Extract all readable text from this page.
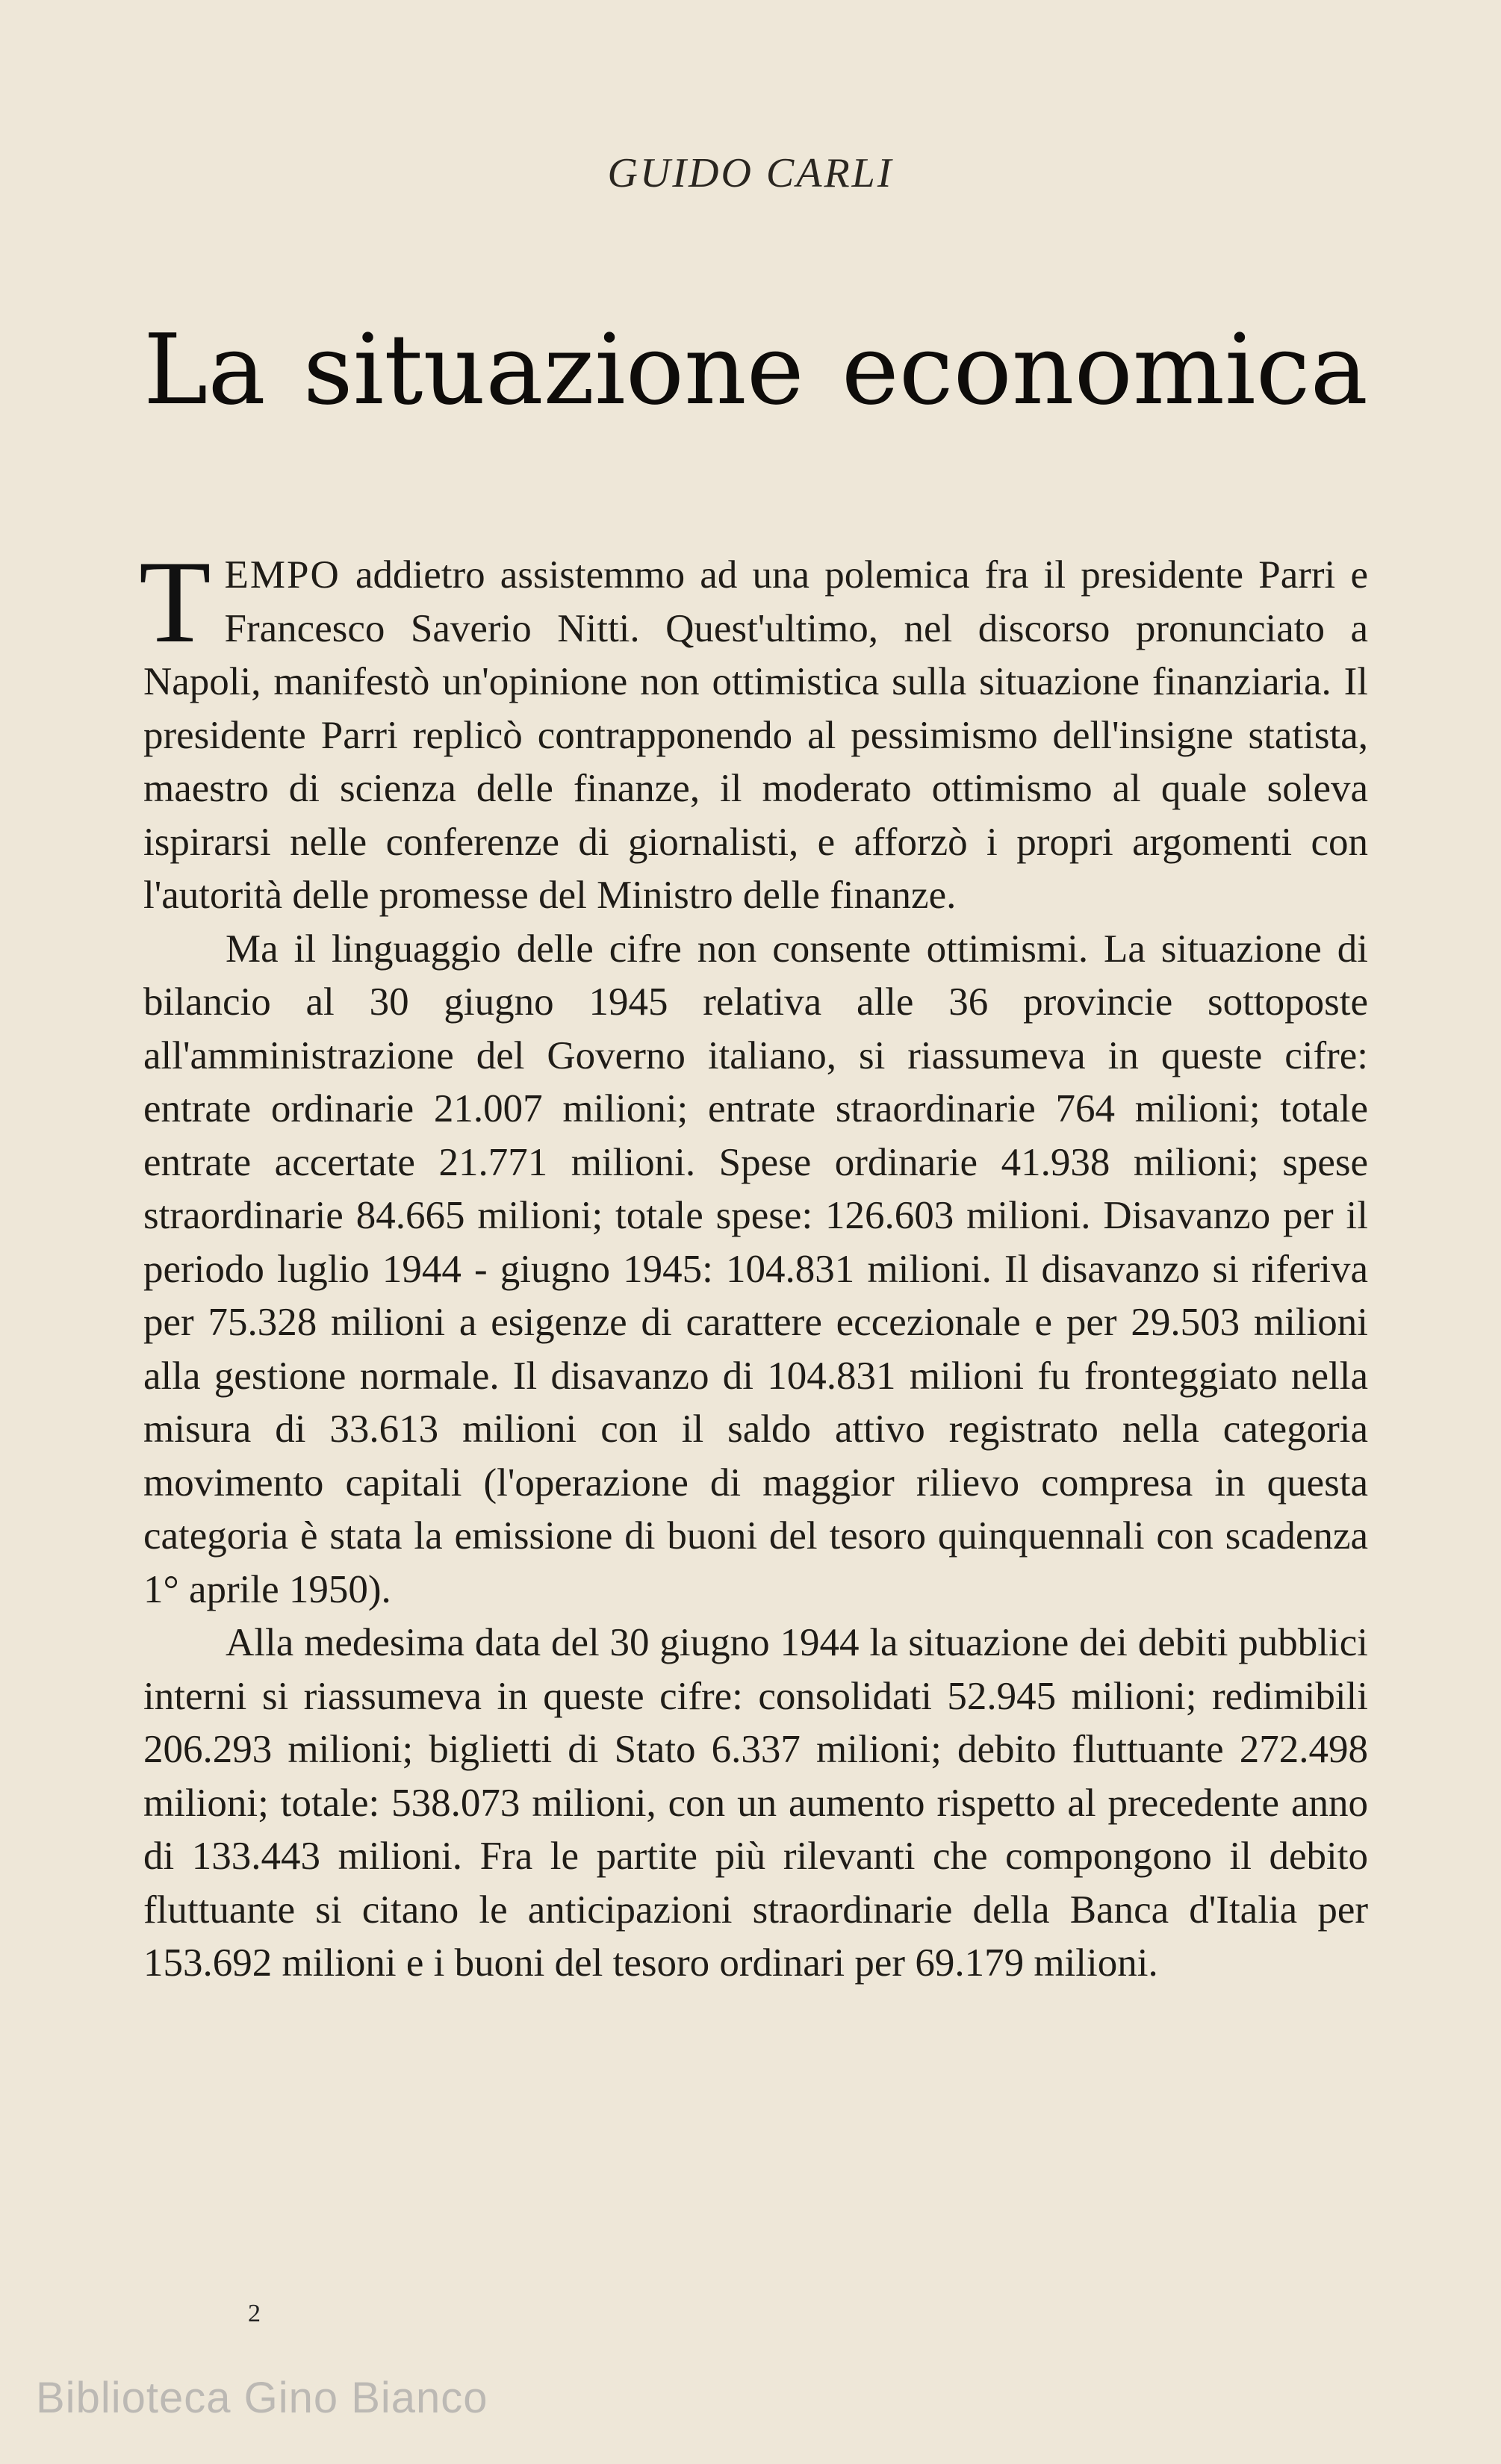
GUIDO CARLI
La situazione economica

TEMPO addietro assistemmo ad una polemica fra il presidente Parri e Francesco Saverio Nitti. Quest'ultimo, nel discorso pronunciato a Napoli, manifestò un'opinione non ottimistica sulla situazione finanziaria. Il presidente Parri replicò contrapponendo al pessimismo dell'insigne statista, maestro di scienza delle finanze, il moderato ottimismo al quale soleva ispirarsi nelle conferenze di giornalisti, e afforzò i propri argomenti con l'autorità delle promesse del Ministro delle finanze.

Ma il linguaggio delle cifre non consente ottimismi. La situazione di bilancio al 30 giugno 1945 relativa alle 36 provincie sottoposte all'amministrazione del Governo italiano, si riassumeva in queste cifre: entrate ordinarie 21.007 milioni; entrate straordinarie 764 milioni; totale entrate accertate 21.771 milioni. Spese ordinarie 41.938 milioni; spese straordinarie 84.665 milioni; totale spese: 126.603 milioni. Disavanzo per il periodo luglio 1944 - giugno 1945: 104.831 milioni. Il disavanzo si riferiva per 75.328 milioni a esigenze di carattere eccezionale e per 29.503 milioni alla gestione normale. Il disavanzo di 104.831 milioni fu fronteggiato nella misura di 33.613 milioni con il saldo attivo registrato nella categoria movimento capitali (l'operazione di maggior rilievo compresa in questa categoria è stata la emissione di buoni del tesoro quinquennali con scadenza 1° aprile 1950).

Alla medesima data del 30 giugno 1944 la situazione dei debiti pubblici interni si riassumeva in queste cifre: consolidati 52.945 milioni; redimibili 206.293 milioni; biglietti di Stato 6.337 milioni; debito fluttuante 272.498 milioni; totale: 538.073 milioni, con un aumento rispetto al precedente anno di 133.443 milioni. Fra le partite più rilevanti che compongono il debito fluttuante si citano le anticipazioni straordinarie della Banca d'Italia per 153.692 milioni e i buoni del tesoro ordinari per 69.179 milioni.

2
Biblioteca Gino Bianco
